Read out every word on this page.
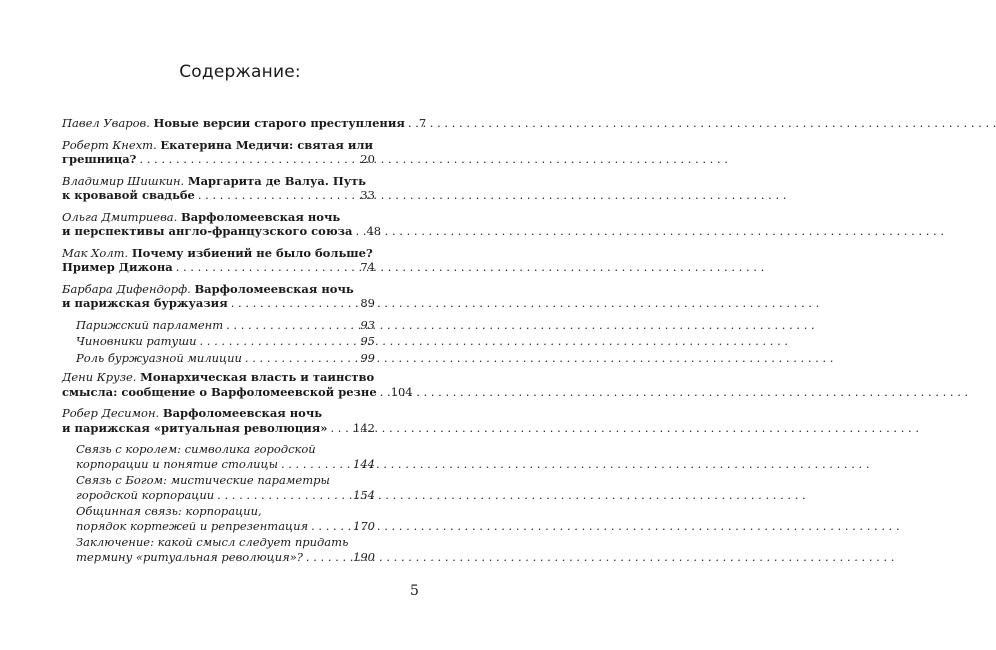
Содержание:
Павел Уваров. Новые версии старого преступления . . . 7
Роберт Кнехт. Екатерина Медичи: святая или
грешница? . . .	20
Владимир Шишкин. Маргарита де Валуа. Путь
к кровавой свадьбе . . .	33
Ольга Дмитриева. Варфоломеевская ночь
и перспективы англо-французского союза . . . 48
Мак Холт. Почему избиений не было больше?
Пример Дижона . . .	74
Барбара Дифендорф. Варфоломеевская ночь
и парижская буржуазия . . .	89
Парижский парламент . . .	93
Чиновники ратуши . . .	95
Роль буржуазной милиции . . .	99
Дени Крузе. Монархическая власть и таинство
смысла: сообщение о Варфоломеевской резне . . . 104
Робер Десимон. Варфоломеевская ночь
и парижская «ритуальная революция» . . . 142
Связь с королем: символика городской
корпорации и понятие столицы . . .	144
Связь с Богом: мистические параметры
городской корпорации . . .	154
Общинная связь: корпорации,
порядок кортежей и репрезентация . . .	170
Заключение: какой смысл следует придать
термину «ритуальная революция»? . . .	190
5
